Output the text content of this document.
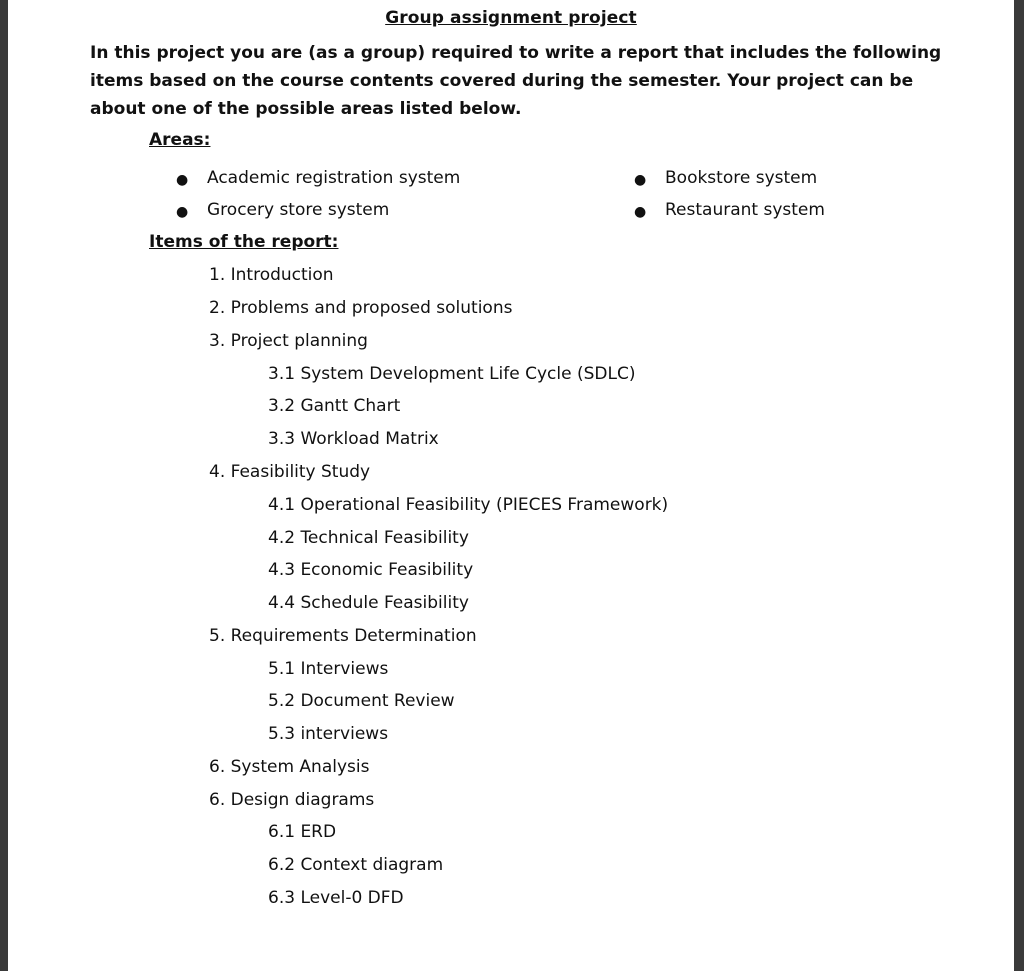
Group assignment project
In this project you are (as a group) required to write a report that includes the following items based on the course contents covered during the semester. Your project can be about one of the possible areas listed below.
Areas:
● Academic registration system
● Grocery store system
● Bookstore system
● Restaurant system
Items of the report:
1. Introduction
2. Problems and proposed solutions
3. Project planning
3.1 System Development Life Cycle (SDLC)
3.2 Gantt Chart
3.3 Workload Matrix
4. Feasibility Study
4.1 Operational Feasibility (PIECES Framework)
4.2 Technical Feasibility
4.3 Economic Feasibility
4.4 Schedule Feasibility
5. Requirements Determination
5.1 Interviews
5.2 Document Review
5.3 interviews
6. System Analysis
6. Design diagrams
6.1 ERD
6.2 Context diagram
6.3 Level-0 DFD
